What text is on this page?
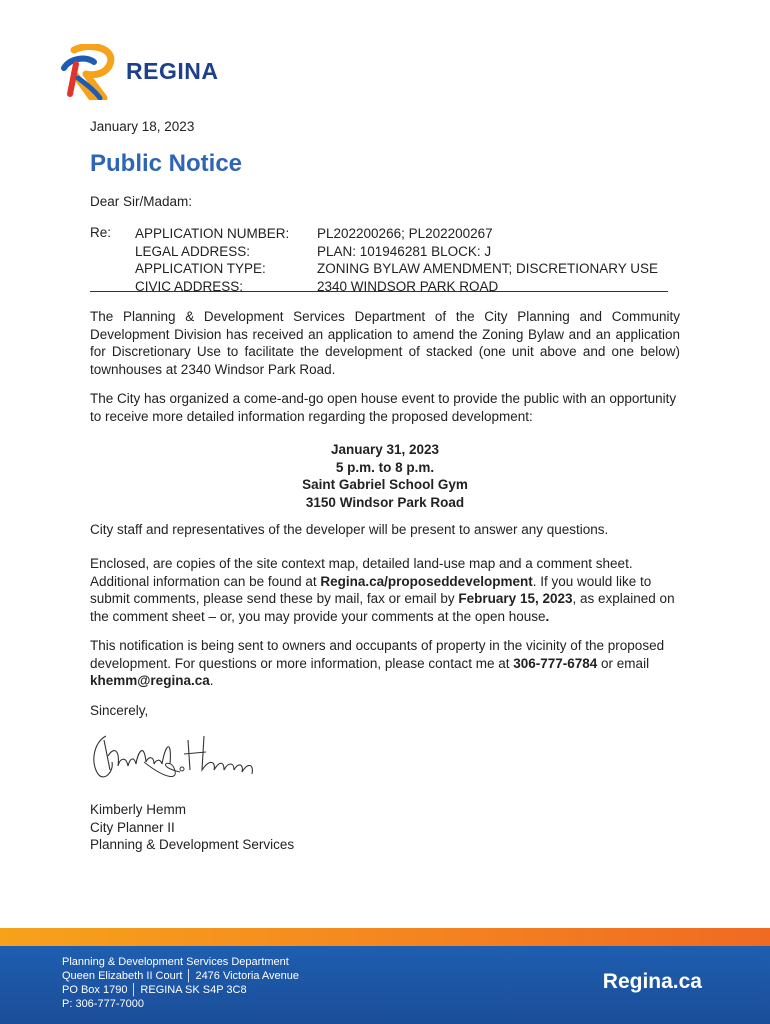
REGINA
January 18, 2023
Public Notice
Dear Sir/Madam:
Re: APPLICATION NUMBER:	PL202200266; PL202200267
LEGAL ADDRESS:	PLAN: 101946281 BLOCK: J
APPLICATION TYPE:	ZONING BYLAW AMENDMENT; DISCRETIONARY USE
CIVIC ADDRESS:	2340 WINDSOR PARK ROAD
The Planning & Development Services Department of the City Planning and Community Development Division has received an application to amend the Zoning Bylaw and an application for Discretionary Use to facilitate the development of stacked (one unit above and one below) townhouses at 2340 Windsor Park Road.
The City has organized a come-and-go open house event to provide the public with an opportunity to receive more detailed information regarding the proposed development:
January 31, 2023
5 p.m. to 8 p.m.
Saint Gabriel School Gym
3150 Windsor Park Road
City staff and representatives of the developer will be present to answer any questions.
Enclosed, are copies of the site context map, detailed land-use map and a comment sheet. Additional information can be found at Regina.ca/proposeddevelopment. If you would like to submit comments, please send these by mail, fax or email by February 15, 2023, as explained on the comment sheet – or, you may provide your comments at the open house.
This notification is being sent to owners and occupants of property in the vicinity of the proposed development. For questions or more information, please contact me at 306-777-6784 or email khemm@regina.ca.
Sincerely,
Kimberly Hemm
City Planner II
Planning & Development Services
Planning & Development Services Department
Queen Elizabeth II Court │ 2476 Victoria Avenue
PO Box 1790 │ REGINA SK S4P 3C8
P: 306-777-7000
Regina.ca
